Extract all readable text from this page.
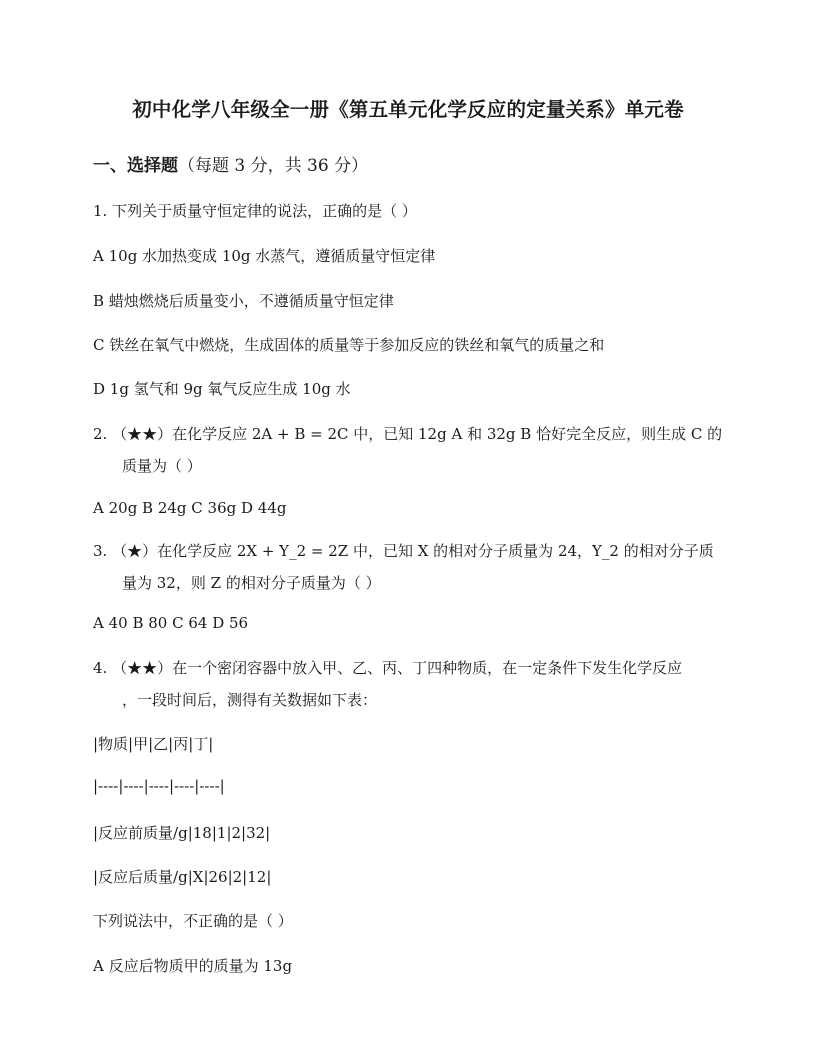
初中化学八年级全一册《第五单元化学反应的定量关系》单元卷
一、选择题（每题 3 分，共 36 分）
1. 下列关于质量守恒定律的说法，正确的是（ ）
A 10g 水加热变成 10g 水蒸气，遵循质量守恒定律
B 蜡烛燃烧后质量变小，不遵循质量守恒定律
C 铁丝在氧气中燃烧，生成固体的质量等于参加反应的铁丝和氧气的质量之和
D 1g 氢气和 9g 氧气反应生成 10g 水
2. （★★）在化学反应 2A + B = 2C 中，已知 12g A 和 32g B 恰好完全反应，则生成 C 的
质量为（ ）
A 20g B 24g C 36g D 44g
3. （★）在化学反应 2X + Y_2 = 2Z 中，已知 X 的相对分子质量为 24，Y_2 的相对分子质
量为 32，则 Z 的相对分子质量为（ ）
A 40 B 80 C 64 D 56
4. （★★）在一个密闭容器中放入甲、乙、丙、丁四种物质，在一定条件下发生化学反应
，一段时间后，测得有关数据如下表：
|物质|甲|乙|丙|丁|
|----|----|----|----|----|
|反应前质量/g|18|1|2|32|
|反应后质量/g|X|26|2|12|
下列说法中，不正确的是（ ）
A 反应后物质甲的质量为 13g
